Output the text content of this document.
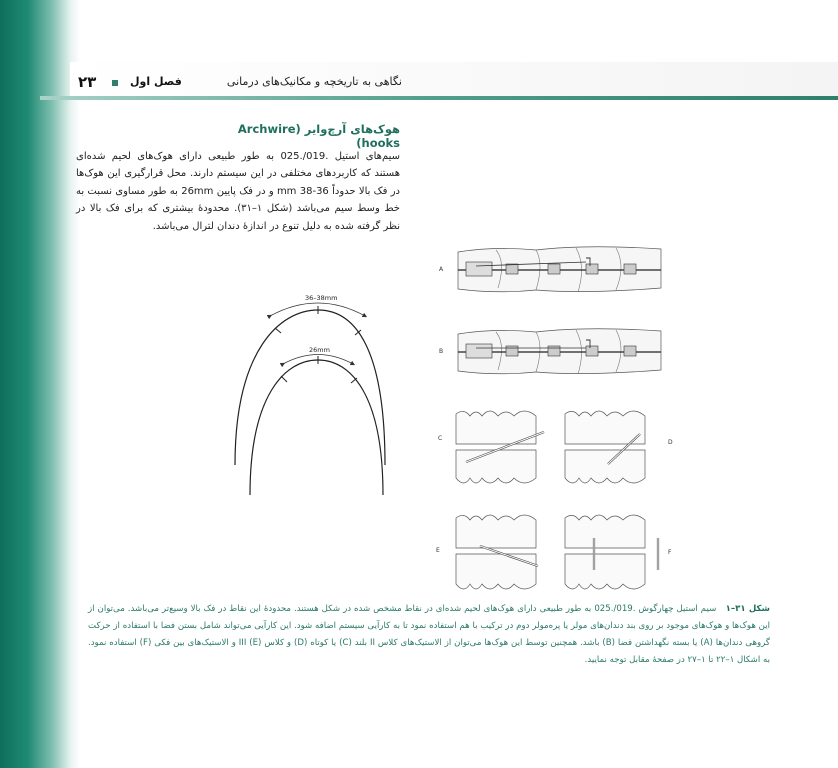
۲۳	فصل اول	نگاهی به تاریخچه و مکانیک‌های درمانی
هوک‌های آرچ‌وایر (Archwire hooks)
سیم‌های استیل .019/.025 به طور طبیعی دارای هوک‌های لحیم شده‌ای هستند که کاربردهای مختلفی در این سیستم دارند. محل قرارگیری این هوک‌ها در فک بالا حدوداً 36-38 mm و در فک پایین 26mm به طور مساوی نسبت به خط وسط سیم می‌باشد (شکل ۱–۳۱). محدودۀ بیشتری که برای فک بالا در نظر گرفته شده به دلیل تنوع در اندازۀ دندان لترال می‌باشد.
36–38mm
26mm
A
B
C
D
E	F
شکل ۳۱–۱ سیم استیل چهارگوش .019/.025 به طور طبیعی دارای هوک‌های لحیم شده‌ای در نقاط مشخص شده در شکل هستند. محدودۀ این نقاط در فک بالا وسیع‌تر می‌باشد. می‌توان از این هوک‌ها و هوک‌های موجود بر روی بند دندان‌های مولر یا پره‌مولر دوم در ترکیب با هم استفاده نمود تا به کارآیی سیستم اضافه شود. این کارآیی می‌تواند شامل بستن فضا با استفاده از حرکت گروهی دندان‌ها (A) یا بسته نگهداشتن فضا (B) باشد. همچنین توسط این هوک‌ها می‌توان از الاستیک‌های کلاس II بلند (C) یا کوتاه (D) و کلاس III (E) و الاستیک‌های بین فکی (F) استفاده نمود. به اشکال ۱–۲۲ تا ۱–۲۷ در صفحۀ مقابل توجه نمایید.
